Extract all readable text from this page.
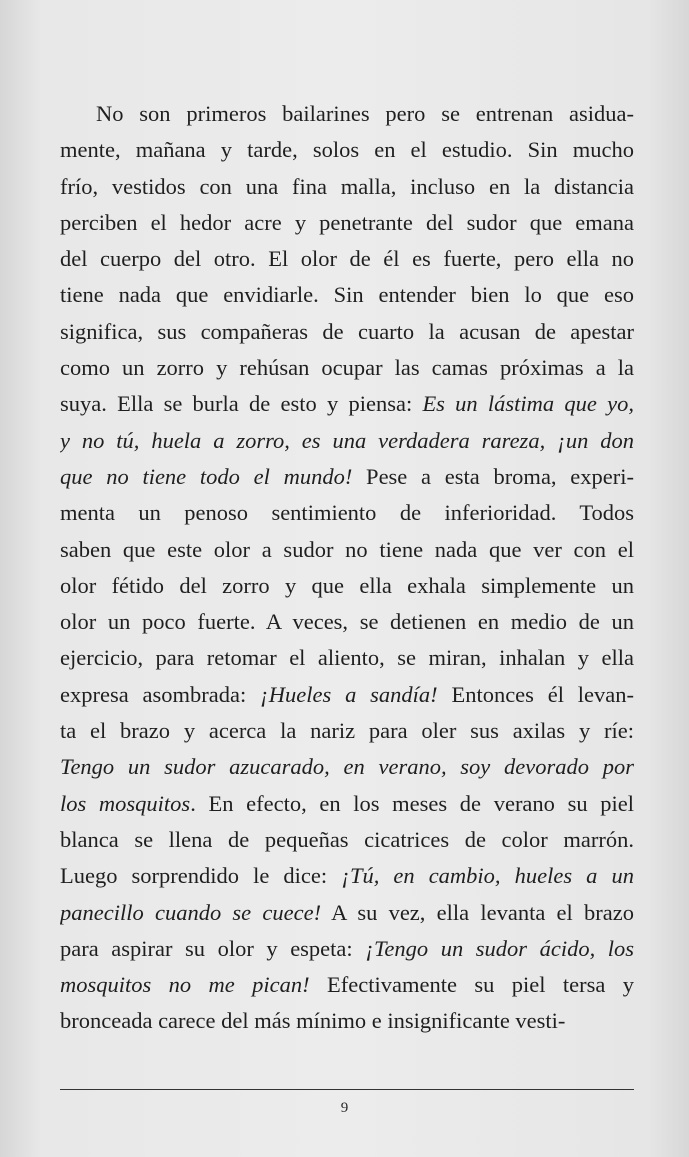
No son primeros bailarines pero se entrenan asidua-
mente, mañana y tarde, solos en el estudio. Sin mucho
frío, vestidos con una fina malla, incluso en la distancia
perciben el hedor acre y penetrante del sudor que emana
del cuerpo del otro. El olor de él es fuerte, pero ella no
tiene nada que envidiarle. Sin entender bien lo que eso
significa, sus compañeras de cuarto la acusan de apestar
como un zorro y rehúsan ocupar las camas próximas a la
suya. Ella se burla de esto y piensa: Es un lástima que yo,
y no tú, huela a zorro, es una verdadera rareza, ¡un don
que no tiene todo el mundo! Pese a esta broma, experi-
menta un penoso sentimiento de inferioridad. Todos
saben que este olor a sudor no tiene nada que ver con el
olor fétido del zorro y que ella exhala simplemente un
olor un poco fuerte. A veces, se detienen en medio de un
ejercicio, para retomar el aliento, se miran, inhalan y ella
expresa asombrada: ¡Hueles a sandía! Entonces él levan-
ta el brazo y acerca la nariz para oler sus axilas y ríe:
Tengo un sudor azucarado, en verano, soy devorado por
los mosquitos. En efecto, en los meses de verano su piel
blanca se llena de pequeñas cicatrices de color marrón.
Luego sorprendido le dice: ¡Tú, en cambio, hueles a un
panecillo cuando se cuece! A su vez, ella levanta el brazo
para aspirar su olor y espeta: ¡Tengo un sudor ácido, los
mosquitos no me pican! Efectivamente su piel tersa y
bronceada carece del más mínimo e insignificante vesti-
9
